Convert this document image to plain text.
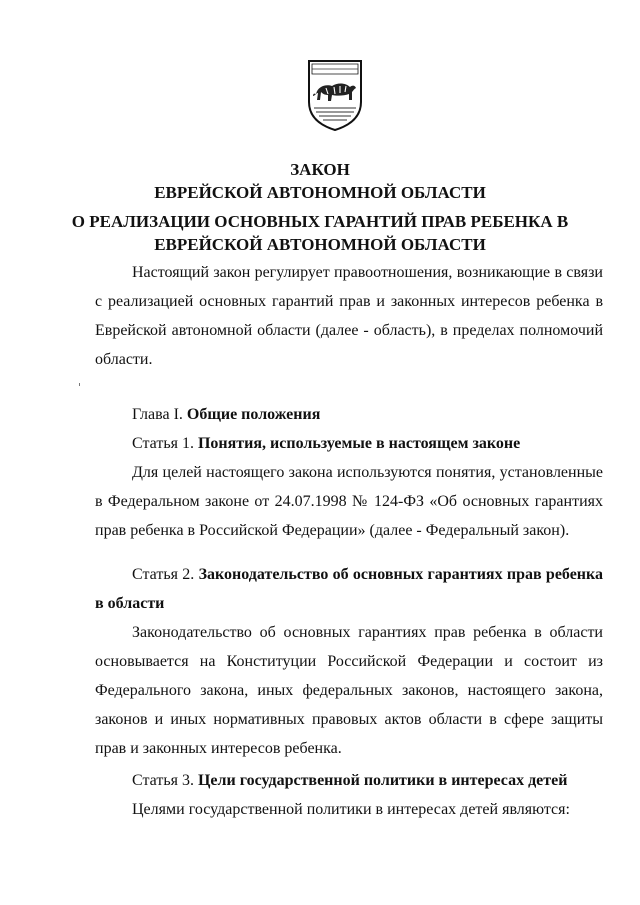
ЗАКОН
ЕВРЕЙСКОЙ АВТОНОМНОЙ ОБЛАСТИ
О РЕАЛИЗАЦИИ ОСНОВНЫХ ГАРАНТИЙ ПРАВ РЕБЕНКА В
ЕВРЕЙСКОЙ АВТОНОМНОЙ ОБЛАСТИ

Настоящий закон регулирует правоотношения, возникающие в связи с реализацией основных гарантий прав и законных интересов ребенка в Еврейской автономной области (далее - область), в пределах полномочий области.

Глава I. Общие положения

Статья 1. Понятия, используемые в настоящем законе

Для целей настоящего закона используются понятия, установленные в Федеральном законе от 24.07.1998 № 124-ФЗ «Об основных гарантиях прав ребенка в Российской Федерации» (далее - Федеральный закон).

Статья 2. Законодательство об основных гарантиях прав ребенка в области

Законодательство об основных гарантиях прав ребенка в области основывается на Конституции Российской Федерации и состоит из Федерального закона, иных федеральных законов, настоящего закона, законов и иных нормативных правовых актов области в сфере защиты прав и законных интересов ребенка.

Статья 3. Цели государственной политики в интересах детей

Целями государственной политики в интересах детей являются:
